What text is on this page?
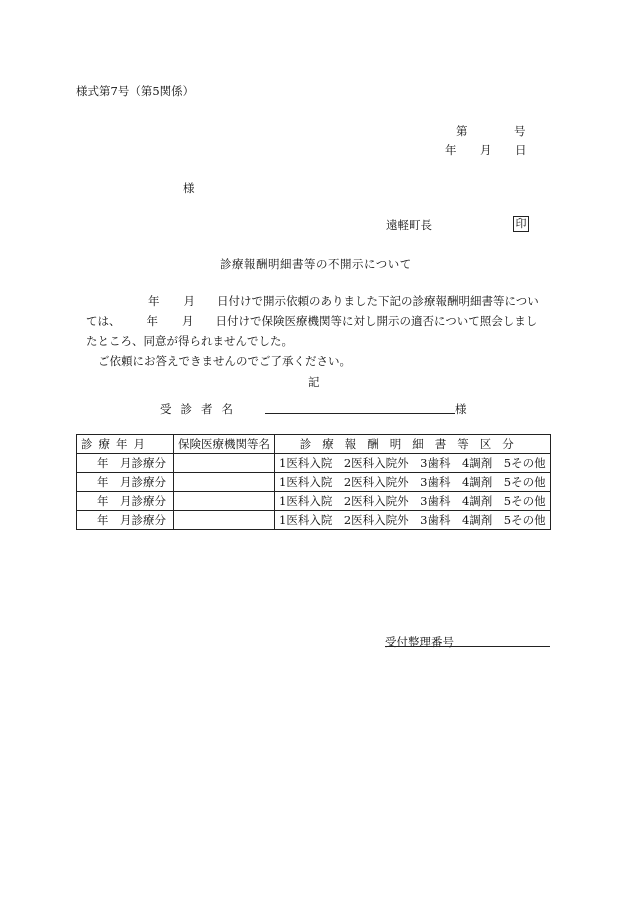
様式第7号（第5関係）
第	号
年 月 日
様
遠軽町長	印
診療報酬明細書等の不開示について
年 月 日付けで開示依頼のありました下記の診療報酬明細書等につい
ては、 年 月 日付けで保険医療機関等に対し開示の適否について照会しまし
たところ、同意が得られませんでした。
ご依頼にお答えできませんのでご了承ください。
記
受診者名	様
診療年月	保険医療機関等名	診療報酬明細書等区分
年　月診療分		1医科入院　2医科入院外　3歯科　4調剤　5その他
年　月診療分		1医科入院　2医科入院外　3歯科　4調剤　5その他
年　月診療分		1医科入院　2医科入院外　3歯科　4調剤　5その他
年　月診療分		1医科入院　2医科入院外　3歯科　4調剤　5その他
受付整理番号
